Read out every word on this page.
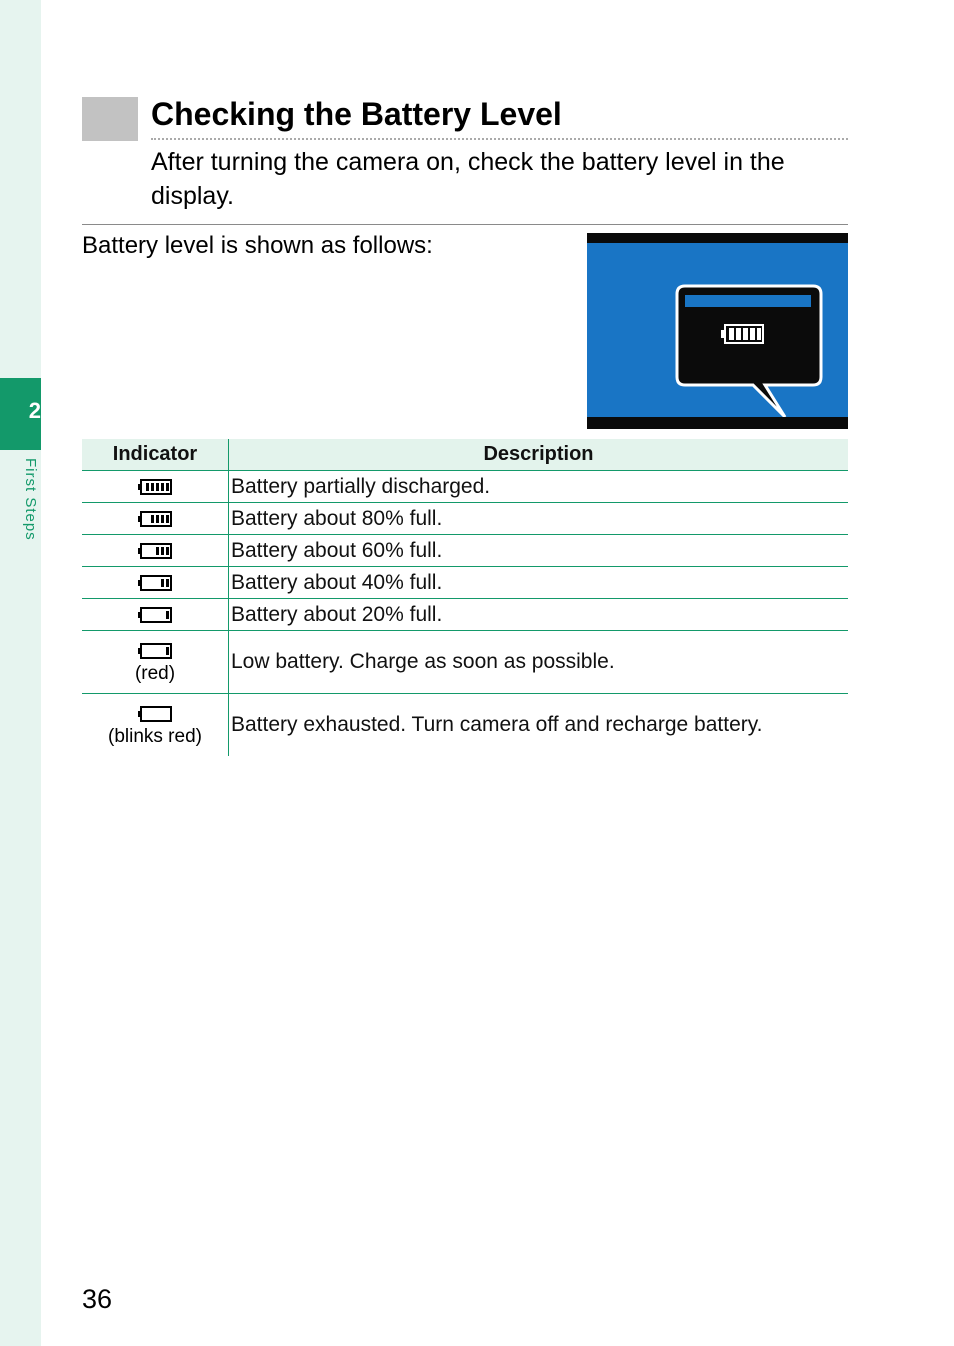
2
First Steps
Checking the Battery Level

After turning the camera on, check the battery level in the display.

Battery level is shown as follows:

CDB
Indicator	Description
	Battery partially discharged.
	Battery about 80% full.
	Battery about 60% full.
	Battery about 40% full.
	Battery about 20% full.

(red)	Low battery. Charge as soon as possible.

(blinks red)	Battery exhausted. Turn camera off and recharge battery.

36
